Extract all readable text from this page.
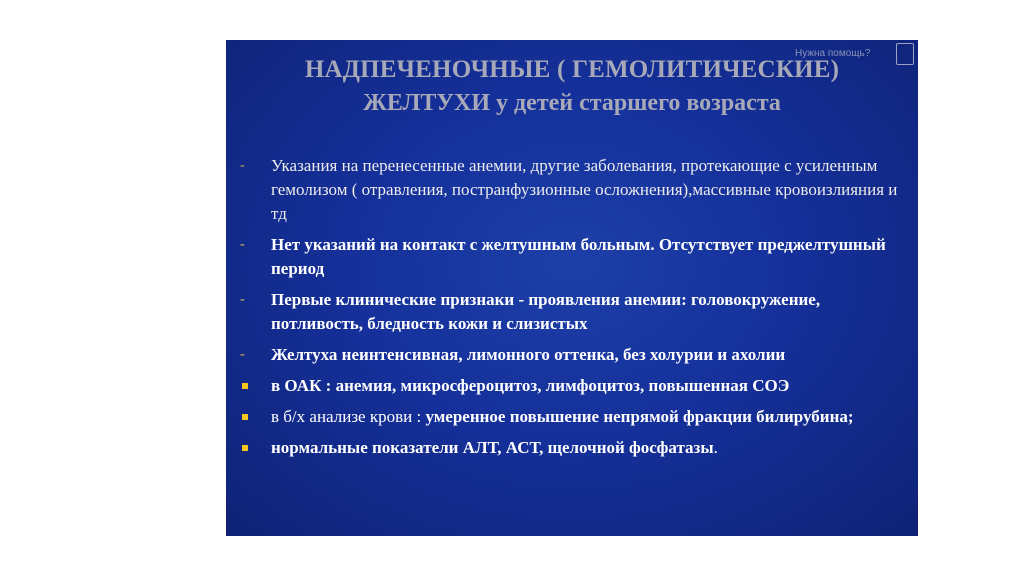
Нужна помощь?
НАДПЕЧЕНОЧНЫЕ ( ГЕМОЛИТИЧЕСКИЕ)
ЖЕЛТУХИ у детей старшего возраста
- Указания на перенесенные анемии, другие заболевания, протекающие с усиленным гемолизом ( отравления, постранфузионные осложнения),массивные кровоизлияния и тд
- Нет указаний на контакт с желтушным больным. Отсутствует преджелтушный период
- Первые клинические признаки - проявления анемии: головокружение, потливость, бледность кожи и слизистых
- Желтуха неинтенсивная, лимонного оттенка, без холурии и ахолии
в ОАК : анемия, микросфероцитоз, лимфоцитоз, повышенная СОЭ
в б/х анализе крови : умеренное повышение непрямой фракции билирубина;
нормальные показатели АЛТ, АСТ, щелочной фосфатазы.
